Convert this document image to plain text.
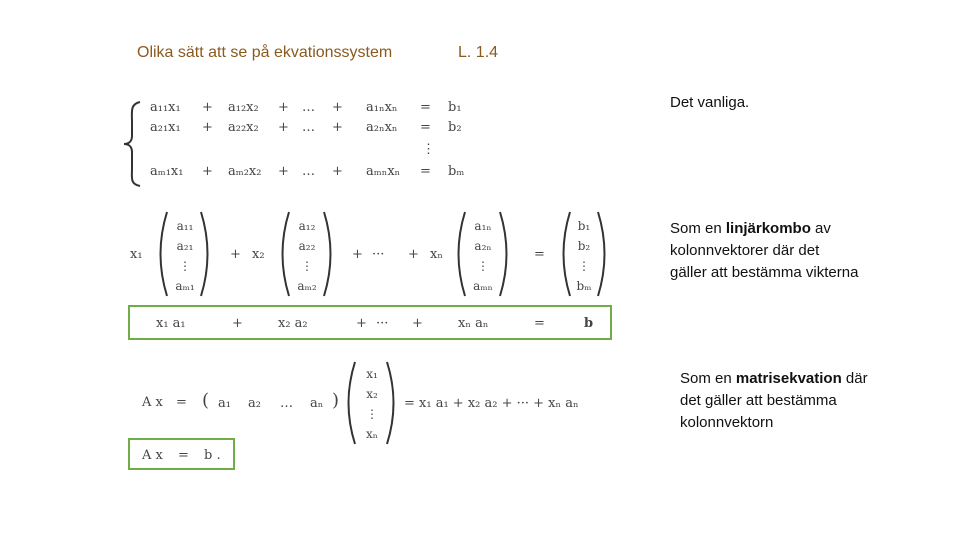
Olika sätt att se på ekvationssystem	L. 1.4
Det vanliga.
Som en linjärkombo av kolonnvektorer där det gäller att bestämma vikterna
Som en matrisekvation där det gäller att bestämma kolonnvektorn
a₁₁x₁ + a₁₂x₂ + … + a₁ₙxₙ = b₁
a₂₁x₁ + a₂₂x₂ + … + a₂ₙxₙ = b₂
⋮
aₘ₁x₁ + aₘ₂x₂ + … + aₘₙxₙ = bₘ
x₁
a₁₁
a₂₁
⋮
aₘ₁
+ x₂
a₁₂
a₂₂
⋮
aₘ₂
+ ··· + xₙ
a₁ₙ
a₂ₙ
⋮
aₘₙ
=
b₁
b₂
⋮
bₘ
x₁ a₁	+	x₂ a₂	+ ··· +	xₙ aₙ	=	b
A x = ( a₁ a₂ … aₙ )
x₁
x₂
⋮
xₙ
= x₁ a₁ + x₂ a₂ + ··· + xₙ aₙ
A x = b .
